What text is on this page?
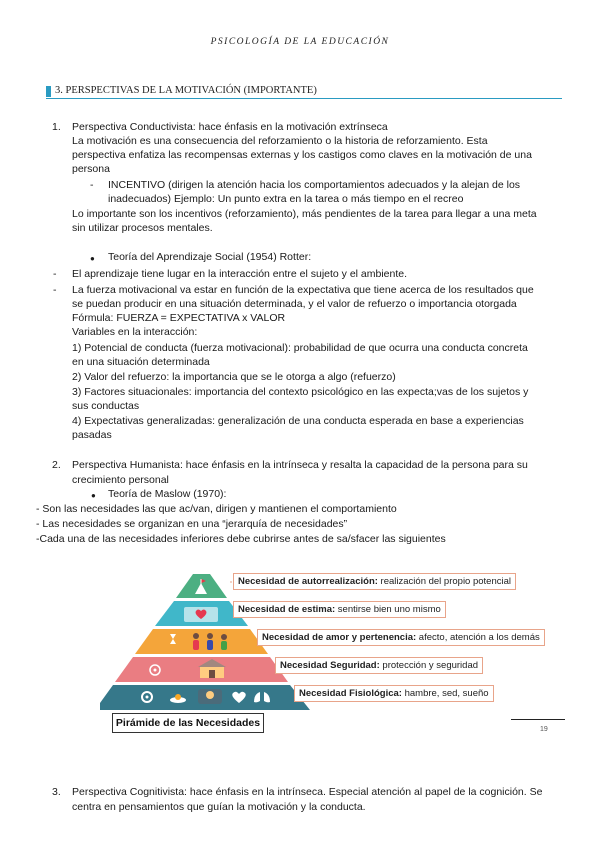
PSICOLOGÍA DE LA EDUCACIÓN
3. PERSPECTIVAS DE LA MOTIVACIÓN (IMPORTANTE)
1. Perspectiva Conductivista: hace énfasis en la motivación extrínseca
La motivación es una consecuencia del reforzamiento o la historia de reforzamiento. Esta
perspectiva enfatiza las recompensas externas y los castigos como claves en la motivación de una
persona
- INCENTIVO (dirigen la atención hacia los comportamientos adecuados y la alejan de los
inadecuados) Ejemplo: Un punto extra en la tarea o más tiempo en el recreo
Lo importante son los incentivos (reforzamiento), más pendientes de la tarea para llegar a una meta
sin utilizar procesos mentales.
● Teoría del Aprendizaje Social (1954) Rotter:
- El aprendizaje tiene lugar en la interacción entre el sujeto y el ambiente.
- La fuerza motivacional va estar en función de la expectativa que tiene acerca de los resultados que
se puedan producir en una situación determinada, y el valor de refuerzo o importancia otorgada
Fórmula: FUERZA = EXPECTATIVA x VALOR
Variables en la interacción:
1) Potencial de conducta (fuerza motivacional): probabilidad de que ocurra una conducta concreta
en una situación determinada
2) Valor del refuerzo: la importancia que se le otorga a algo (refuerzo)
3) Factores situacionales: importancia del contexto psicológico en las expecta;vas de los sujetos y
sus conductas
4) Expectativas generalizadas: generalización de una conducta esperada en base a experiencias
pasadas
2. Perspectiva Humanista: hace énfasis en la intrínseca y resalta la capacidad de la persona para su
crecimiento personal
● Teoría de Maslow (1970):
- Son las necesidades las que ac/van, dirigen y mantienen el comportamiento
- Las necesidades se organizan en una “jerarquía de necesidades”
-Cada una de las necesidades inferiores debe cubrirse antes de sa/sfacer las siguientes
Necesidad de autorrealización: realización del propio potencial
Necesidad de estima: sentirse bien uno mismo
Necesidad de amor y pertenencia: afecto, atención a los demás
Necesidad Seguridad: protección y seguridad
Necesidad Fisiológica: hambre, sed, sueño
Pirámide de las Necesidades
19
3. Perspectiva Cognitivista: hace énfasis en la intrínseca. Especial atención al papel de la cognición. Se
centra en pensamientos que guían la motivación y la conducta.
